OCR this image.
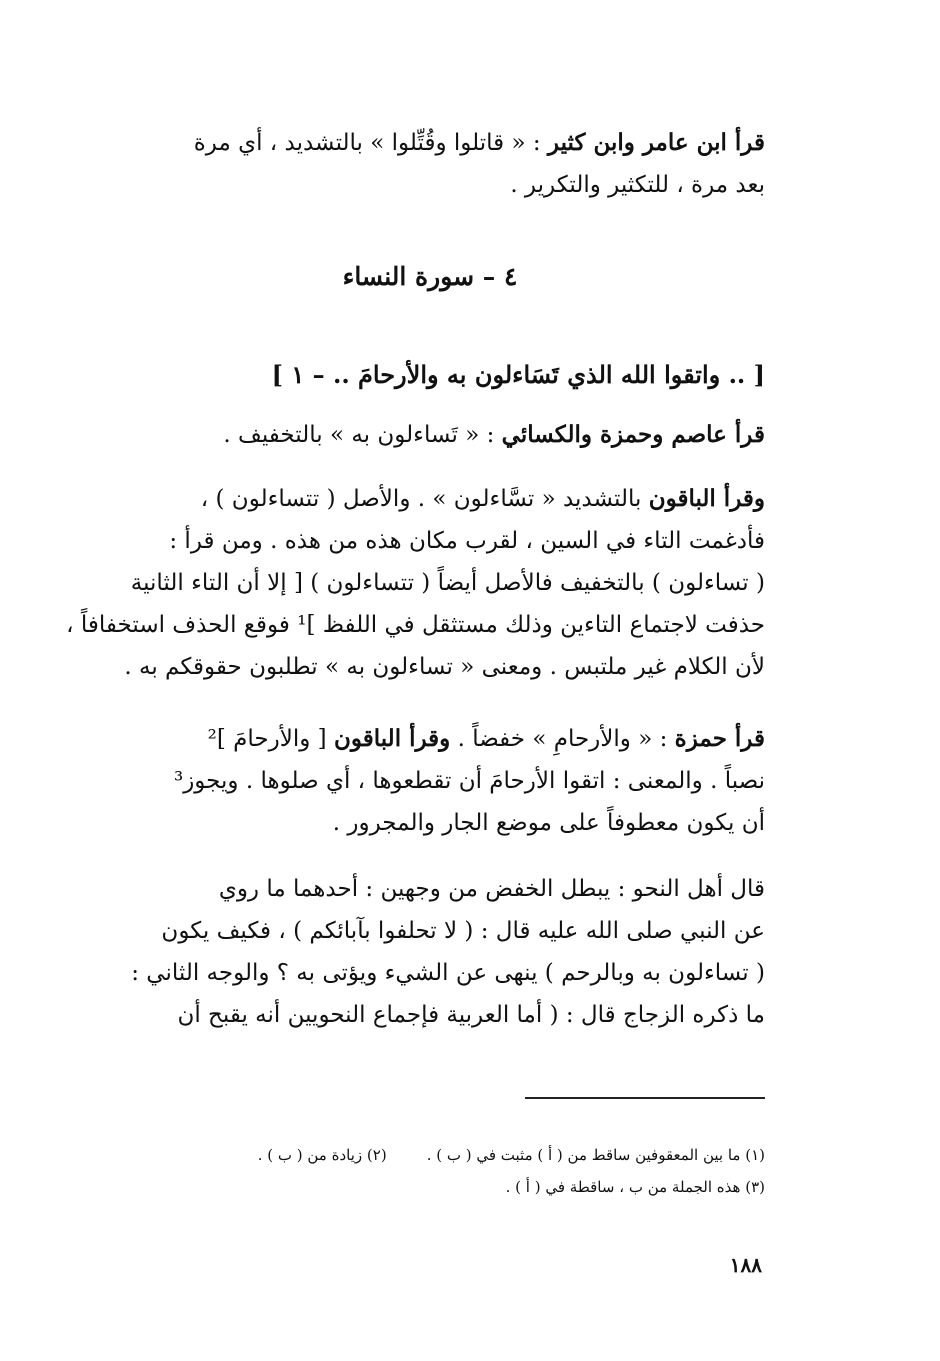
قرأ ابن عامر وابن كثير : « قاتلوا وقُتِّلوا » بالتشديد ، أي مرة
بعد مرة ، للتكثير والتكرير .
٤ – سورة النساء
[ .. واتقوا الله الذي تَسَاءلون به والأرحامَ .. – ١ ]
قرأ عاصم وحمزة والكسائي : « تَساءلون به » بالتخفيف .
وقرأ الباقون بالتشديد « تسَّاءلون » . والأصل ( تتساءلون ) ،
فأدغمت التاء في السين ، لقرب مكان هذه من هذه . ومن قرأ :
( تساءلون ) بالتخفيف فالأصل أيضاً ( تتساءلون ) [ إلا أن التاء الثانية
حذفت لاجتماع التاءين وذلك مستثقل في اللفظ ]¹ فوقع الحذف استخفافاً ،
لأن الكلام غير ملتبس . ومعنى « تساءلون به » تطلبون حقوقكم به .
قرأ حمزة : « والأرحامِ » خفضاً . وقرأ الباقون [ والأرحامَ ]²
نصباً . والمعنى : اتقوا الأرحامَ أن تقطعوها ، أي صلوها . ويجوز³
أن يكون معطوفاً على موضع الجار والمجرور .
قال أهل النحو : يبطل الخفض من وجهين : أحدهما ما روي
عن النبي صلى الله عليه قال : ( لا تحلفوا بآبائكم ) ، فكيف يكون
( تساءلون به وبالرحم ) ينهى عن الشيء ويؤتى به ؟ والوجه الثاني :
ما ذكره الزجاج قال : ( أما العربية فإجماع النحويين أنه يقبح أن
(١) ما بين المعقوفين ساقط من ( أ ) مثبت في ( ب ) .(٢) زيادة من ( ب ) .
(٣) هذه الجملة من ب ، ساقطة في ( أ ) .
١٨٨
